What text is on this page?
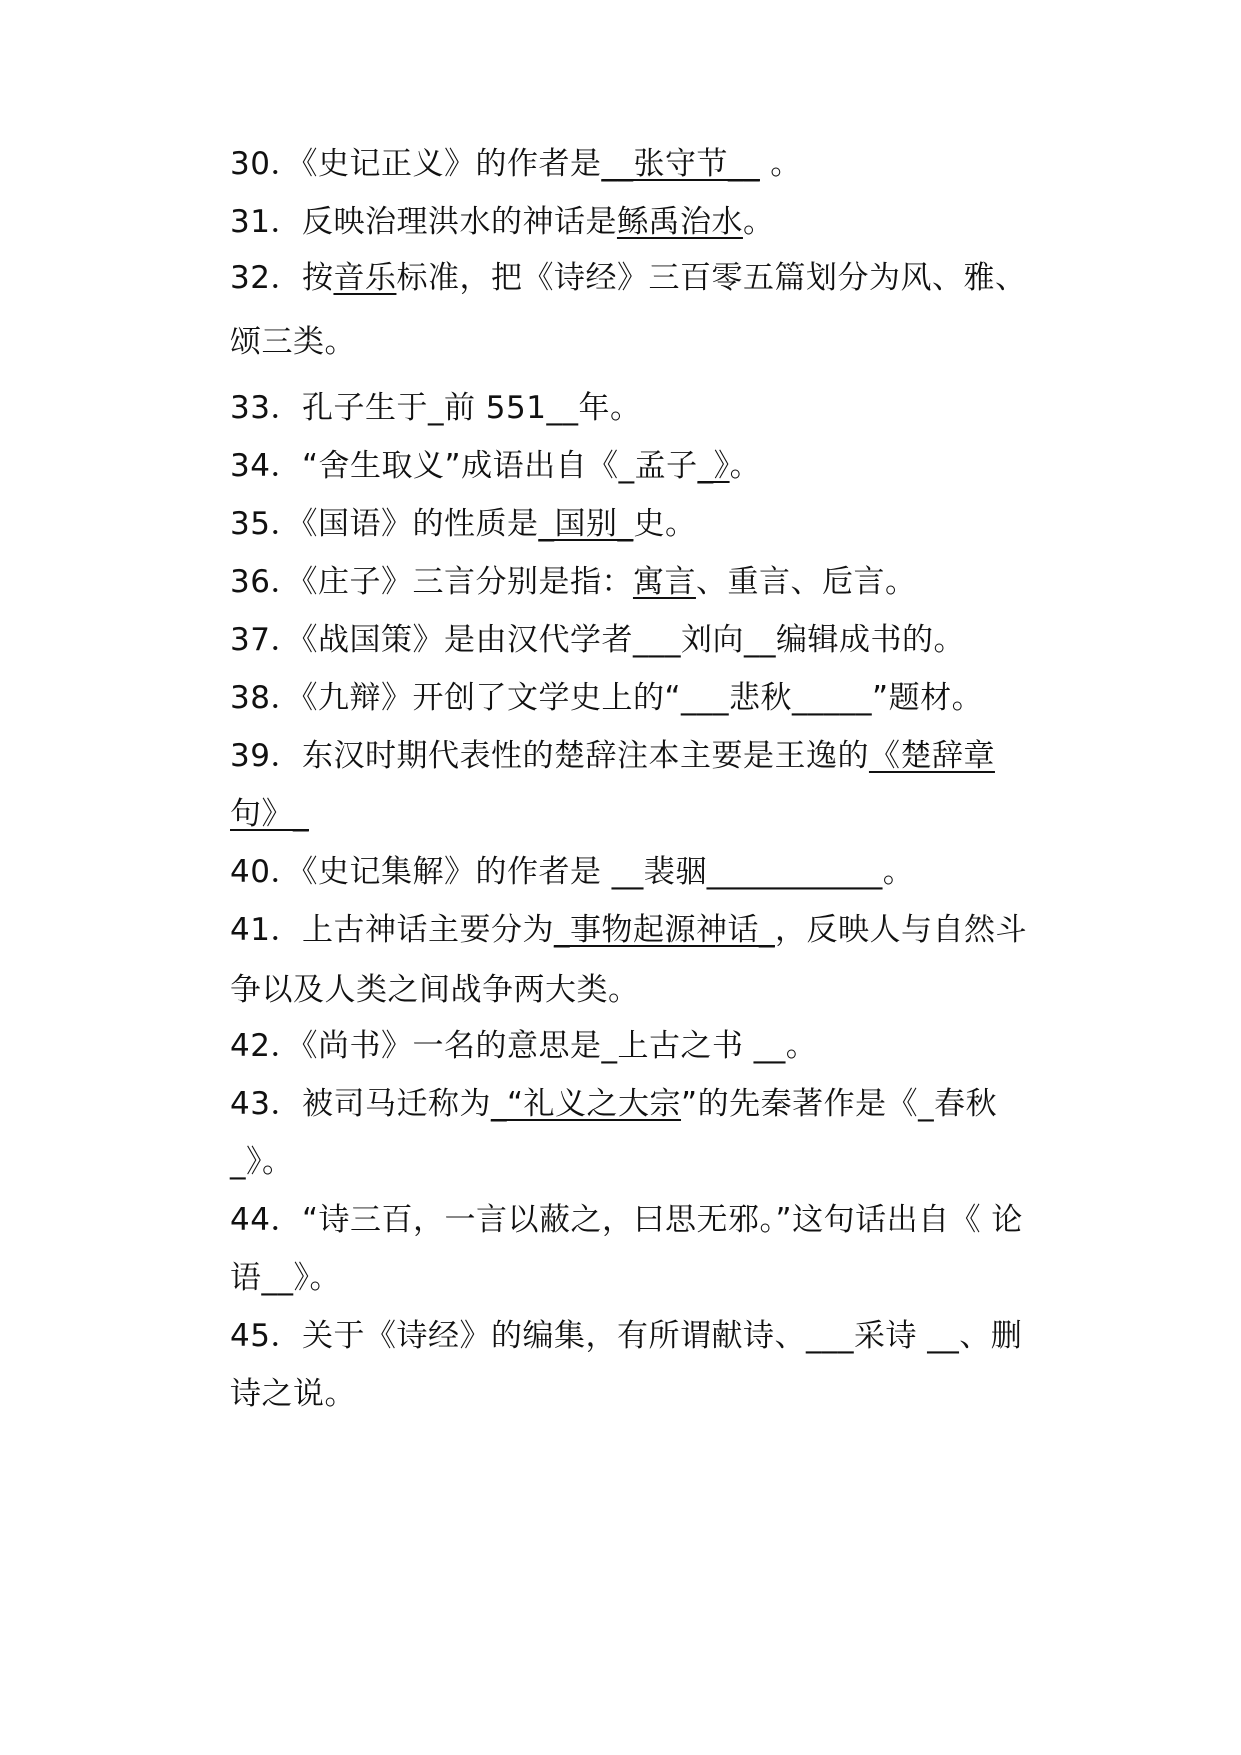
30．《史记正义》的作者是__张守节__ 。
31．反映治理洪水的神话是鲧禹治水。
32．按音乐标准，把《诗经》三百零五篇划分为风、雅、
颂三类。
33．孔子生于_前 551__年。
34．“舍生取义”成语出自《_孟子_》。
35．《国语》的性质是_国别_史。
36．《庄子》三言分别是指：寓言、重言、卮言。
37．《战国策》是由汉代学者___刘向__编辑成书的。
38．《九辩》开创了文学史上的“___悲秋_____”题材。
39．东汉时期代表性的楚辞注本主要是王逸的《楚辞章
句》_
40．《史记集解》的作者是 __裴骃___________。
41．上古神话主要分为_事物起源神话_，反映人与自然斗
争以及人类之间战争两大类。
42．《尚书》一名的意思是_上古之书 __。
43．被司马迁称为_“礼义之大宗”的先秦著作是《_春秋
_》。
44．“诗三百，一言以蔽之，曰思无邪。”这句话出自《 论
语__》。
45．关于《诗经》的编集，有所谓献诗、___采诗 __、删
诗之说。
